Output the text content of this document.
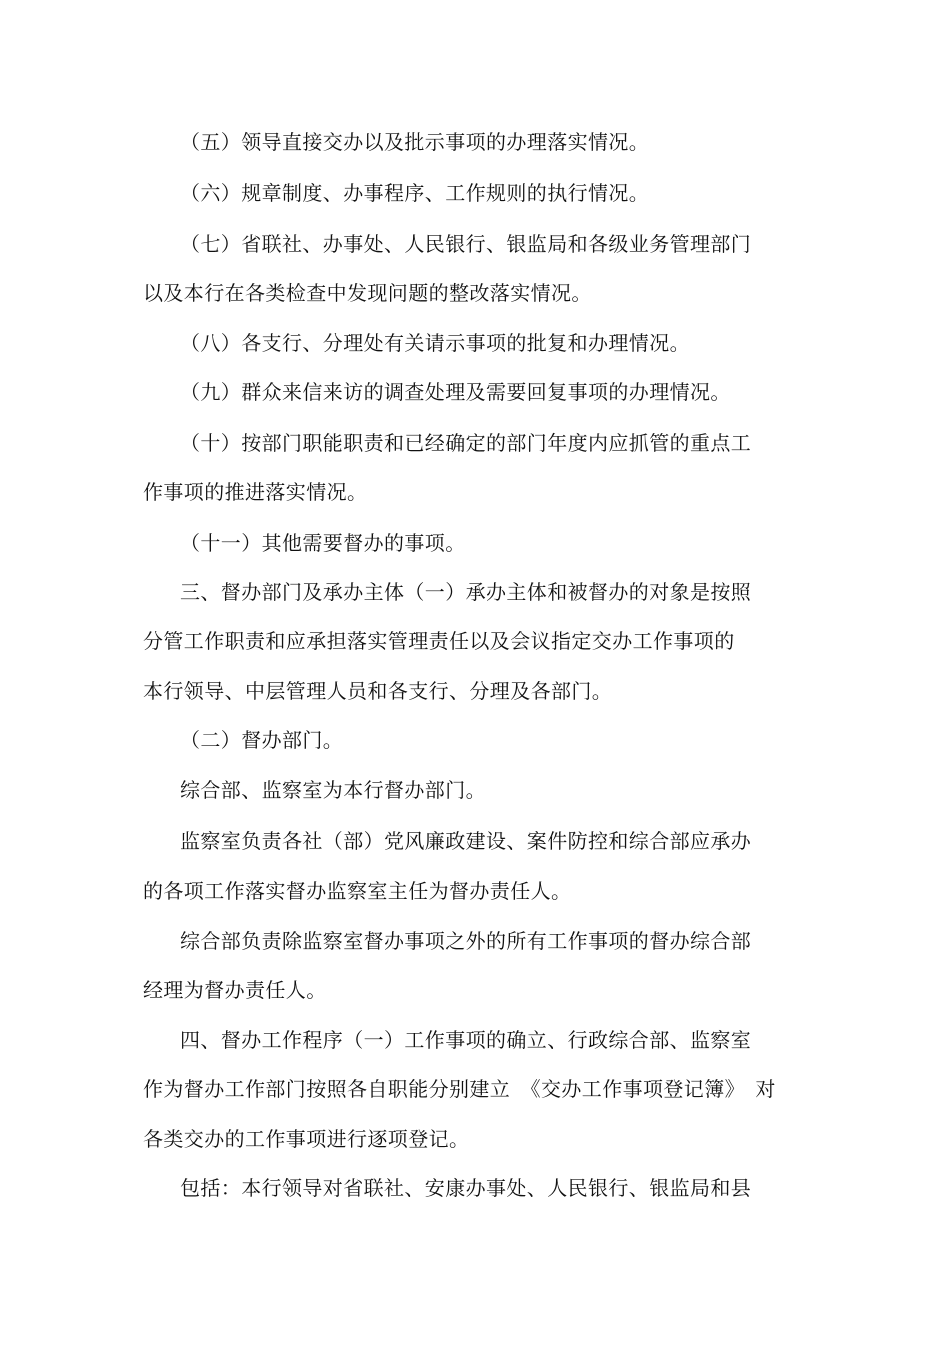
（五）领导直接交办以及批示事项的办理落实情况。
（六）规章制度、办事程序、工作规则的执行情况。
（七）省联社、办事处、人民银行、银监局和各级业务管理部门
以及本行在各类检查中发现问题的整改落实情况。
（八）各支行、分理处有关请示事项的批复和办理情况。
（九）群众来信来访的调查处理及需要回复事项的办理情况。
（十）按部门职能职责和已经确定的部门年度内应抓管的重点工
作事项的推进落实情况。
（十一）其他需要督办的事项。
三、督办部门及承办主体（一）承办主体和被督办的对象是按照
分管工作职责和应承担落实管理责任以及会议指定交办工作事项的
本行领导、中层管理人员和各支行、分理及各部门。
（二）督办部门。
综合部、监察室为本行督办部门。
监察室负责各社（部）党风廉政建设、案件防控和综合部应承办
的各项工作落实督办监察室主任为督办责任人。
综合部负责除监察室督办事项之外的所有工作事项的督办综合部
经理为督办责任人。
四、督办工作程序（一）工作事项的确立、行政综合部、监察室
作为督办工作部门按照各自职能分别建立　《交办工作事项登记簿》　对
各类交办的工作事项进行逐项登记。
包括：本行领导对省联社、安康办事处、人民银行、银监局和县
